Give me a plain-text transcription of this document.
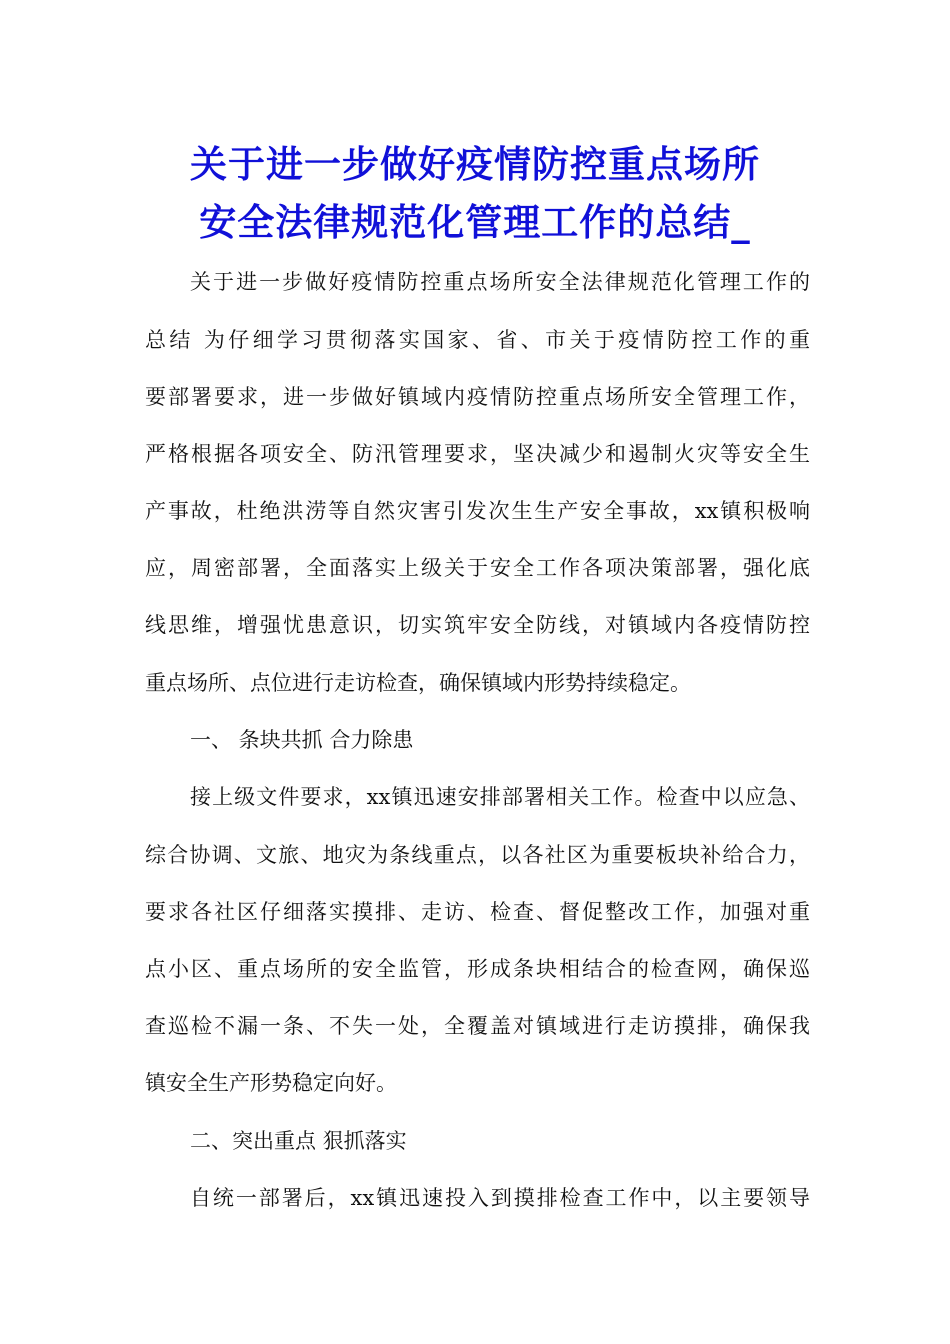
关于进一步做好疫情防控重点场所
安全法律规范化管理工作的总结_
关于进一步做好疫情防控重点场所安全法律规范化管理工作的
总结 为仔细学习贯彻落实国家、省、市关于疫情防控工作的重
要部署要求，进一步做好镇域内疫情防控重点场所安全管理工作，
严格根据各项安全、防汛管理要求，坚决减少和遏制火灾等安全生
产事故，杜绝洪涝等自然灾害引发次生生产安全事故，xx镇积极响
应，周密部署，全面落实上级关于安全工作各项决策部署，强化底
线思维，增强忧患意识，切实筑牢安全防线，对镇域内各疫情防控
重点场所、点位进行走访检查，确保镇域内形势持续稳定。
一、 条块共抓 合力除患
接上级文件要求，xx镇迅速安排部署相关工作。检查中以应急、
综合协调、文旅、地灾为条线重点，以各社区为重要板块补给合力，
要求各社区仔细落实摸排、走访、检查、督促整改工作，加强对重
点小区、重点场所的安全监管，形成条块相结合的检查网，确保巡
查巡检不漏一条、不失一处，全覆盖对镇域进行走访摸排，确保我
镇安全生产形势稳定向好。
二、突出重点 狠抓落实
自统一部署后，xx镇迅速投入到摸排检查工作中，以主要领导
